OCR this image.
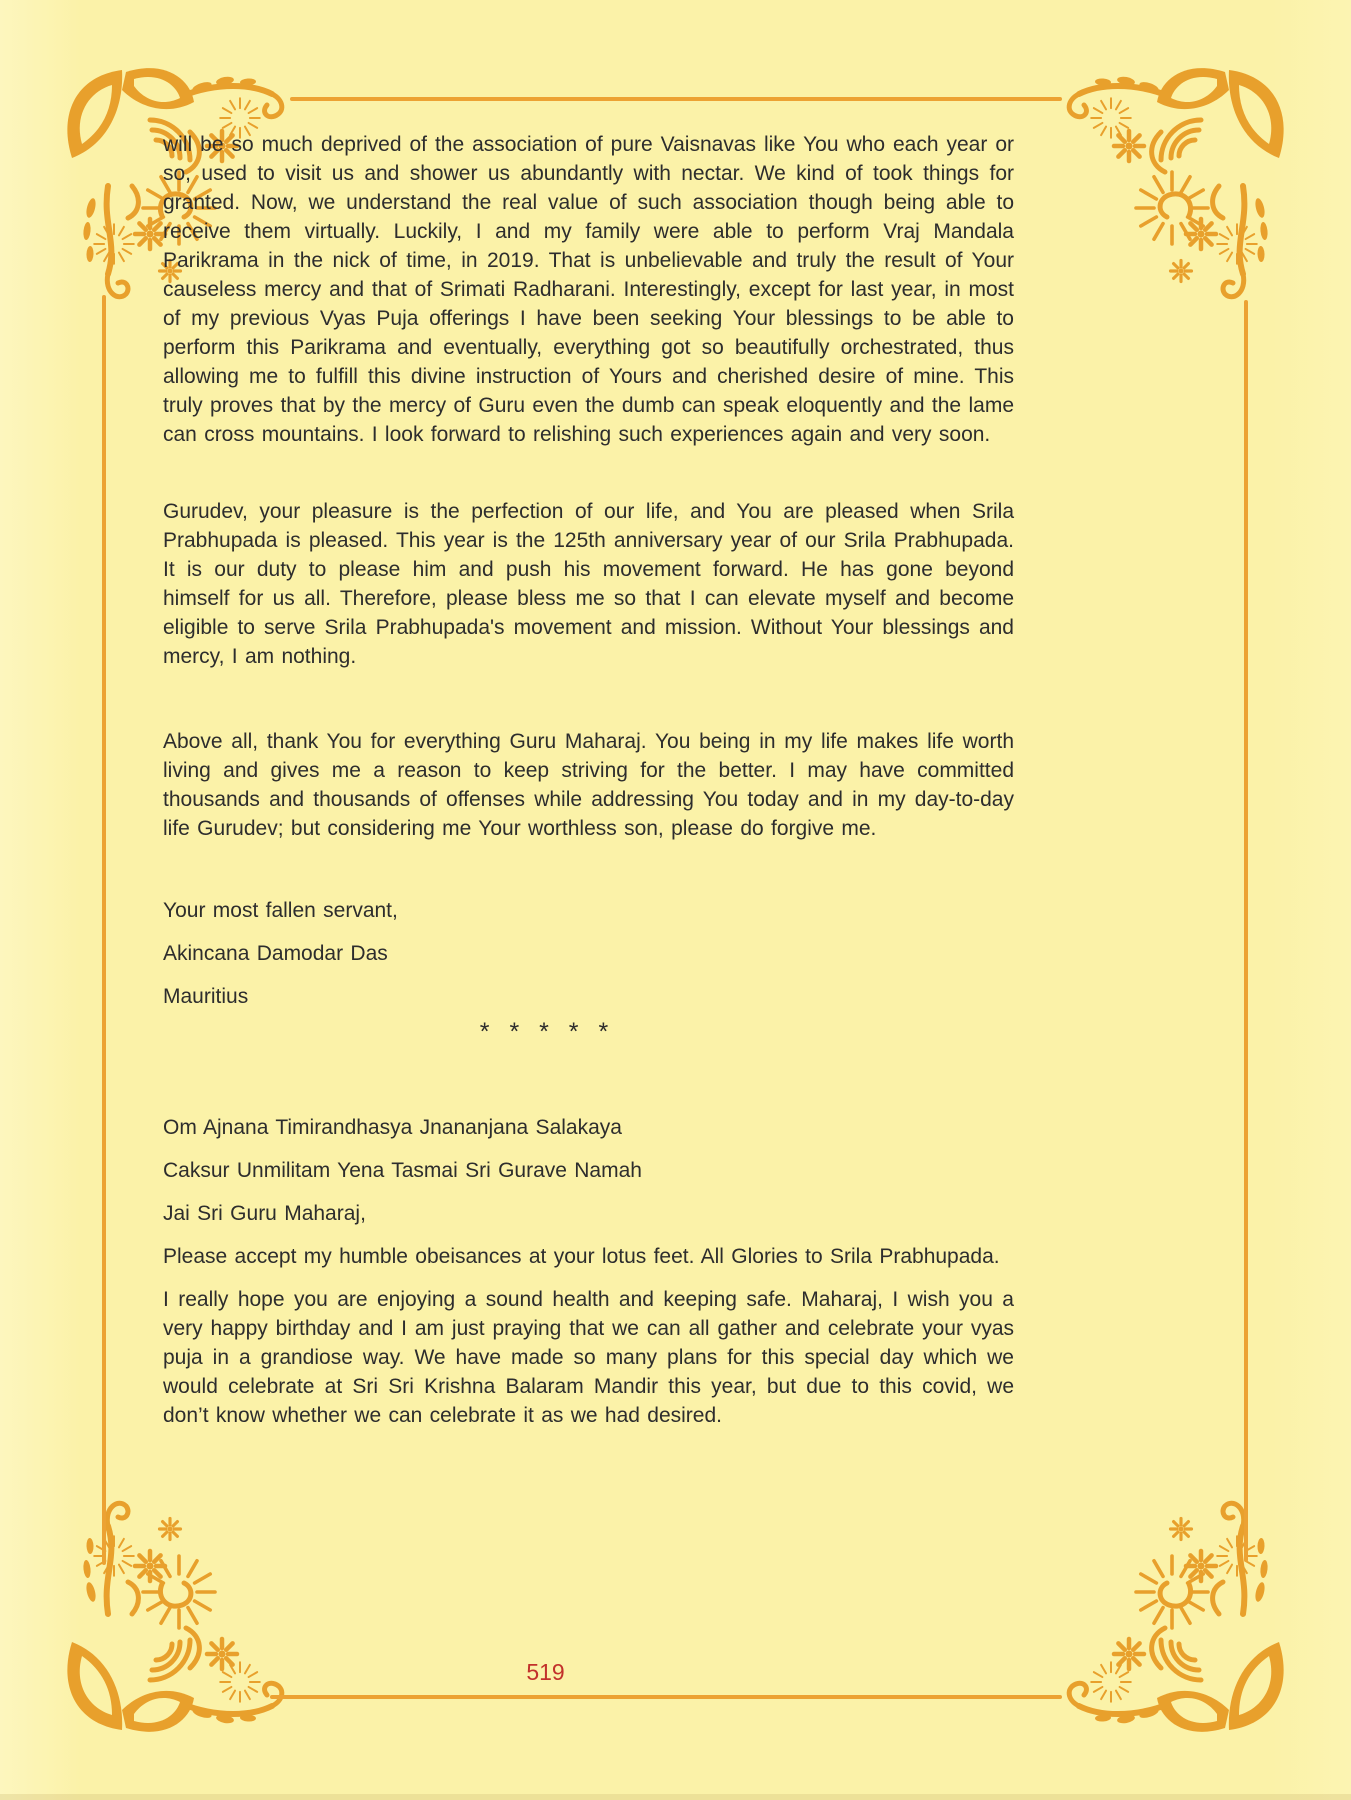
will be so much deprived of the association of pure Vaisnavas like You who each year or so, used to visit us and shower us abundantly with nectar. We kind of took things for granted. Now, we understand the real value of such association though being able to receive them virtually. Luckily, I and my family were able to perform Vraj Mandala Parikrama in the nick of time, in 2019. That is unbelievable and truly the result of Your causeless mercy and that of Srimati Radharani. Interestingly, except for last year, in most of my previous Vyas Puja offerings I have been seeking Your blessings to be able to perform this Parikrama and eventually, everything got so beautifully orchestrated, thus allowing me to fulfill this divine instruction of Yours and cherished desire of mine. This truly proves that by the mercy of Guru even the dumb can speak eloquently and the lame can cross mountains. I look forward to relishing such experiences again and very soon.
Gurudev, your pleasure is the perfection of our life, and You are pleased when Srila Prabhupada is pleased. This year is the 125th anniversary year of our Srila Prabhupada. It is our duty to please him and push his movement forward. He has gone beyond himself for us all. Therefore, please bless me so that I can elevate myself and become eligible to serve Srila Prabhupada's movement and mission. Without Your blessings and mercy, I am nothing.
Above all, thank You for everything Guru Maharaj. You being in my life makes life worth living and gives me a reason to keep striving for the better. I may have committed thousands and thousands of offenses while addressing You today and in my day-to-day life Gurudev; but considering me Your worthless son, please do forgive me.
Your most fallen servant,
Akincana Damodar Das
Mauritius
* * * * *
Om Ajnana Timirandhasya Jnananjana Salakaya
Caksur Unmilitam Yena Tasmai Sri Gurave Namah
Jai Sri Guru Maharaj,
Please accept my humble obeisances at your lotus feet. All Glories to Srila Prabhupada.
I really hope you are enjoying a sound health and keeping safe. Maharaj, I wish you a very happy birthday and I am just praying that we can all gather and celebrate your vyas puja in a grandiose way. We have made so many plans for this special day which we would celebrate at Sri Sri Krishna Balaram Mandir this year, but due to this covid, we don’t know whether we can celebrate it as we had desired.
519
